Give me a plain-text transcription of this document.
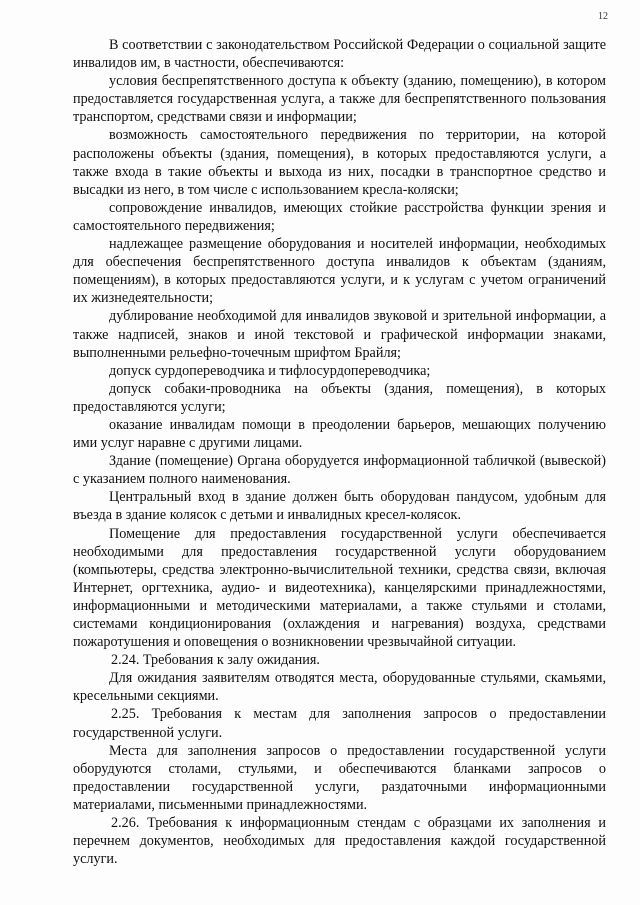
12

В соответствии с законодательством Российской Федерации о социальной защите инвалидов им, в частности, обеспечиваются:

условия беспрепятственного доступа к объекту (зданию, помещению), в котором предоставляется государственная услуга, а также для беспрепятственного пользования транспортом, средствами связи и информации;

возможность самостоятельного передвижения по территории, на которой расположены объекты (здания, помещения), в которых предоставляются услуги, а также входа в такие объекты и выхода из них, посадки в транспортное средство и высадки из него, в том числе с использованием кресла-коляски;

сопровождение инвалидов, имеющих стойкие расстройства функции зрения и самостоятельного передвижения;

надлежащее размещение оборудования и носителей информации, необходимых для обеспечения беспрепятственного доступа инвалидов к объектам (зданиям, помещениям), в которых предоставляются услуги, и к услугам с учетом ограничений их жизнедеятельности;

дублирование необходимой для инвалидов звуковой и зрительной информации, а также надписей, знаков и иной текстовой и графической информации знаками, выполненными рельефно-точечным шрифтом Брайля;

допуск сурдопереводчика и тифлосурдопереводчика;

допуск собаки-проводника на объекты (здания, помещения), в которых предоставляются услуги;

оказание инвалидам помощи в преодолении барьеров, мешающих получению ими услуг наравне с другими лицами.

Здание (помещение) Органа оборудуется информационной табличкой (вывеской) с указанием полного наименования.

Центральный вход в здание должен быть оборудован пандусом, удобным для въезда в здание колясок с детьми и инвалидных кресел-колясок.

Помещение для предоставления государственной услуги обеспечивается необходимыми для предоставления государственной услуги оборудованием (компьютеры, средства электронно-вычислительной техники, средства связи, включая Интернет, оргтехника, аудио- и видеотехника), канцелярскими принадлежностями, информационными и методическими материалами, а также стульями и столами, системами кондиционирования (охлаждения и нагревания) воздуха, средствами пожаротушения и оповещения о возникновении чрезвычайной ситуации.

2.24. Требования к залу ожидания.

Для ожидания заявителям отводятся места, оборудованные стульями, скамьями, кресельными секциями.

2.25. Требования к местам для заполнения запросов о предоставлении государственной услуги.

Места для заполнения запросов о предоставлении государственной услуги оборудуются столами, стульями, и обеспечиваются бланками запросов о предоставлении государственной услуги, раздаточными информационными материалами, письменными принадлежностями.

2.26. Требования к информационным стендам с образцами их заполнения и перечнем документов, необходимых для предоставления каждой государственной услуги.
